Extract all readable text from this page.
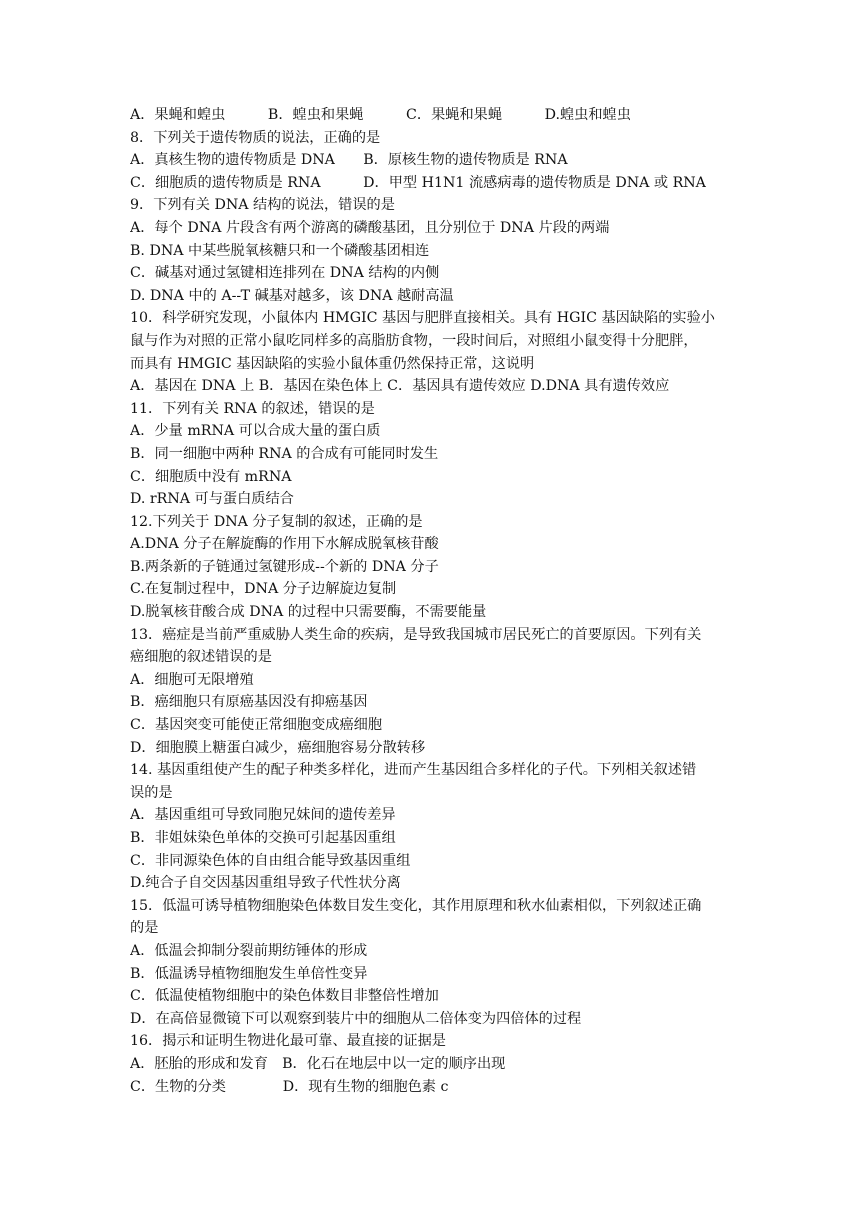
A．果蝇和蝗虫　　　B．蝗虫和果蝇　　　C．果蝇和果蝇　　　D.蝗虫和蝗虫
8．下列关于遗传物质的说法，正确的是
A．真核生物的遗传物质是 DNA　　B．原核生物的遗传物质是 RNA
C．细胞质的遗传物质是 RNA　　　D．甲型 H1N1 流感病毒的遗传物质是 DNA 或 RNA
9．下列有关 DNA 结构的说法，错误的是
A．每个 DNA 片段含有两个游离的磷酸基团，且分别位于 DNA 片段的两端
B. DNA 中某些脱氧核糖只和一个磷酸基团相连
C．碱基对通过氢键相连排列在 DNA 结构的内侧
D. DNA 中的 A--T 碱基对越多，该 DNA 越耐高温
10．科学研究发现，小鼠体内 HMGIC 基因与肥胖直接相关。具有 HGIC 基因缺陷的实验小
鼠与作为对照的正常小鼠吃同样多的高脂肪食物，一段时间后，对照组小鼠变得十分肥胖，
而具有 HMGIC 基因缺陷的实验小鼠体重仍然保持正常，这说明
A．基因在 DNA 上 B．基因在染色体上 C．基因具有遗传效应 D.DNA 具有遗传效应
11．下列有关 RNA 的叙述，错误的是
A．少量 mRNA 可以合成大量的蛋白质
B．同一细胞中两种 RNA 的合成有可能同时发生
C．细胞质中没有 mRNA
D. rRNA 可与蛋白质结合
12.下列关于 DNA 分子复制的叙述，正确的是
A.DNA 分子在解旋酶的作用下水解成脱氧核苷酸
B.两条新的子链通过氢键形成--个新的 DNA 分子
C.在复制过程中，DNA 分子边解旋边复制
D.脱氧核苷酸合成 DNA 的过程中只需要酶，不需要能量
13．癌症是当前严重威胁人类生命的疾病，是导致我国城市居民死亡的首要原因。下列有关
癌细胞的叙述错误的是
A．细胞可无限增殖
B．癌细胞只有原癌基因没有抑癌基因
C．基因突变可能使正常细胞变成癌细胞
D．细胞膜上糖蛋白减少，癌细胞容易分散转移
14. 基因重组使产生的配子种类多样化，进而产生基因组合多样化的子代。下列相关叙述错
误的是
A．基因重组可导致同胞兄妹间的遗传差异
B．非姐妹染色单体的交换可引起基因重组
C．非同源染色体的自由组合能导致基因重组
D.纯合子自交因基因重组导致子代性状分离
15．低温可诱导植物细胞染色体数目发生变化，其作用原理和秋水仙素相似，下列叙述正确
的是
A．低温会抑制分裂前期纺锤体的形成
B．低温诱导植物细胞发生单倍性变异
C．低温使植物细胞中的染色体数目非整倍性增加
D．在高倍显微镜下可以观察到装片中的细胞从二倍体变为四倍体的过程
16．揭示和证明生物进化最可靠、最直接的证据是
A．胚胎的形成和发育　B．化石在地层中以一定的顺序出现
C．生物的分类　　　　D．现有生物的细胞色素 c
